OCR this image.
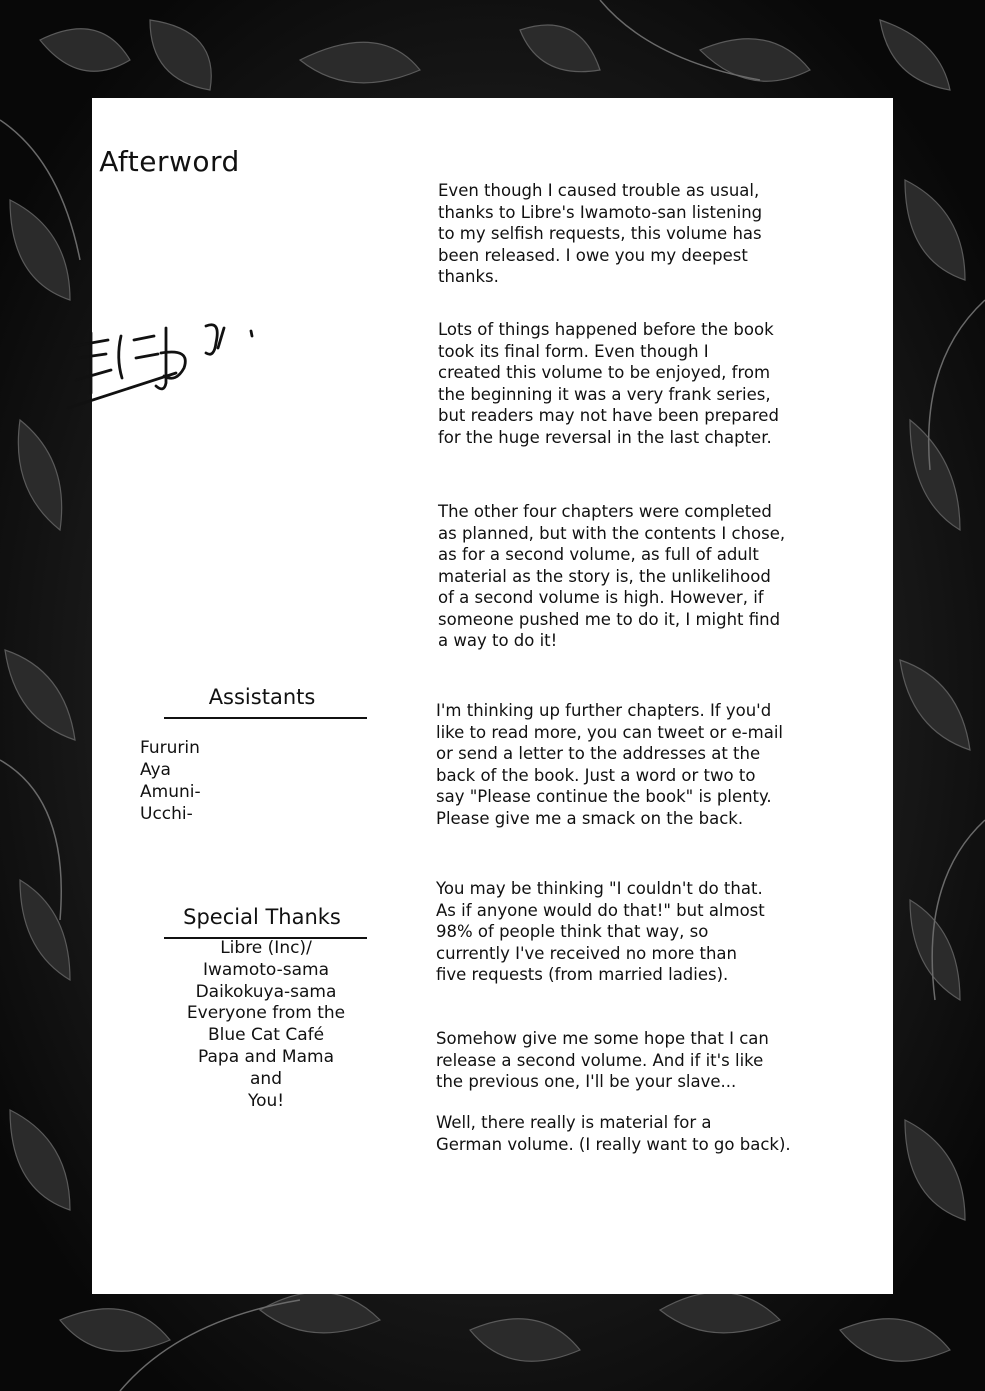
Afterword
Assistants
Fururin
Aya
Amuni-
Ucchi-
Special Thanks
Libre (Inc)/
Iwamoto-sama
Daikokuya-sama
Everyone from the
Blue Cat Café
Papa and Mama
and
You!

Even though I caused trouble as usual,
thanks to Libre's Iwamoto-san listening
to my selfish requests, this volume has
been released. I owe you my deepest
thanks.

Lots of things happened before the book
took its final form. Even though I
created this volume to be enjoyed, from
the beginning it was a very frank series,
but readers may not have been prepared
for the huge reversal in the last chapter.

The other four chapters were completed
as planned, but with the contents I chose,
as for a second volume, as full of adult
material as the story is, the unlikelihood
of a second volume is high. However, if
someone pushed me to do it, I might find
a way to do it!

I'm thinking up further chapters. If you'd
like to read more, you can tweet or e-mail
or send a letter to the addresses at the
back of the book. Just a word or two to
say "Please continue the book" is plenty.
Please give me a smack on the back.

You may be thinking "I couldn't do that.
As if anyone would do that!" but almost
98% of people think that way, so
currently I've received no more than
five requests (from married ladies).

Somehow give me some hope that I can
release a second volume. And if it's like
the previous one, I'll be your slave...

Well, there really is material for a
German volume. (I really want to go back).
